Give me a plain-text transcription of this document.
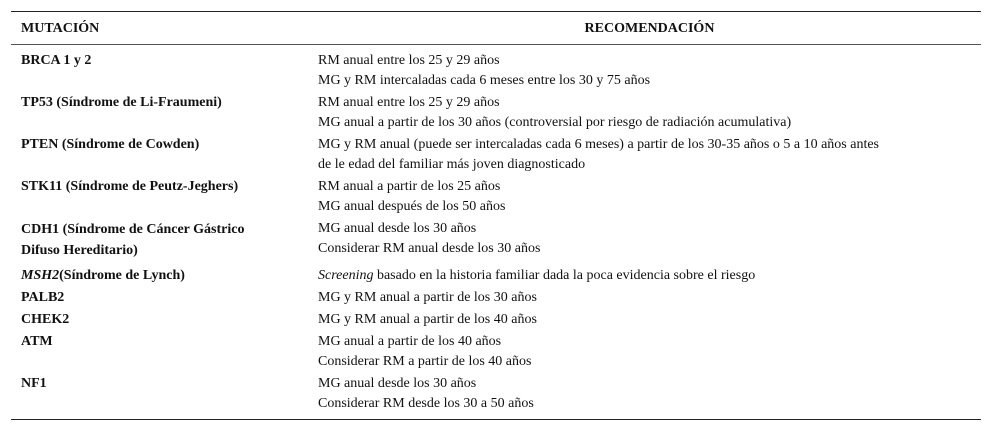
MUTACIÓN	RECOMENDACIÓN
BRCA 1 y 2	RM anual entre los 25 y 29 años
MG y RM intercaladas cada 6 meses entre los 30 y 75 años

TP53 (Síndrome de Li-Fraumeni)	RM anual entre los 25 y 29 años
MG anual a partir de los 30 años (controversial por riesgo de radiación acumulativa)

PTEN (Síndrome de Cowden)	MG y RM anual (puede ser intercaladas cada 6 meses) a partir de los 30-35 años o 5 a 10 años antes
de le edad del familiar más joven diagnosticado

STK11 (Síndrome de Peutz-Jeghers)	RM anual a partir de los 25 años
MG anual después de los 50 años

CDH1 (Síndrome de Cáncer Gástrico
Difuso Hereditario)	MG anual desde los 30 años
Considerar RM anual desde los 30 años

MSH2(Síndrome de Lynch)	Screening basado en la historia familiar dada la poca evidencia sobre el riesgo
PALB2	MG y RM anual a partir de los 30 años

CHEK2	MG y RM anual a partir de los 40 años

ATM	MG anual a partir de los 40 años
Considerar RM a partir de los 40 años

NF1	MG anual desde los 30 años
Considerar RM desde los 30 a 50 años
